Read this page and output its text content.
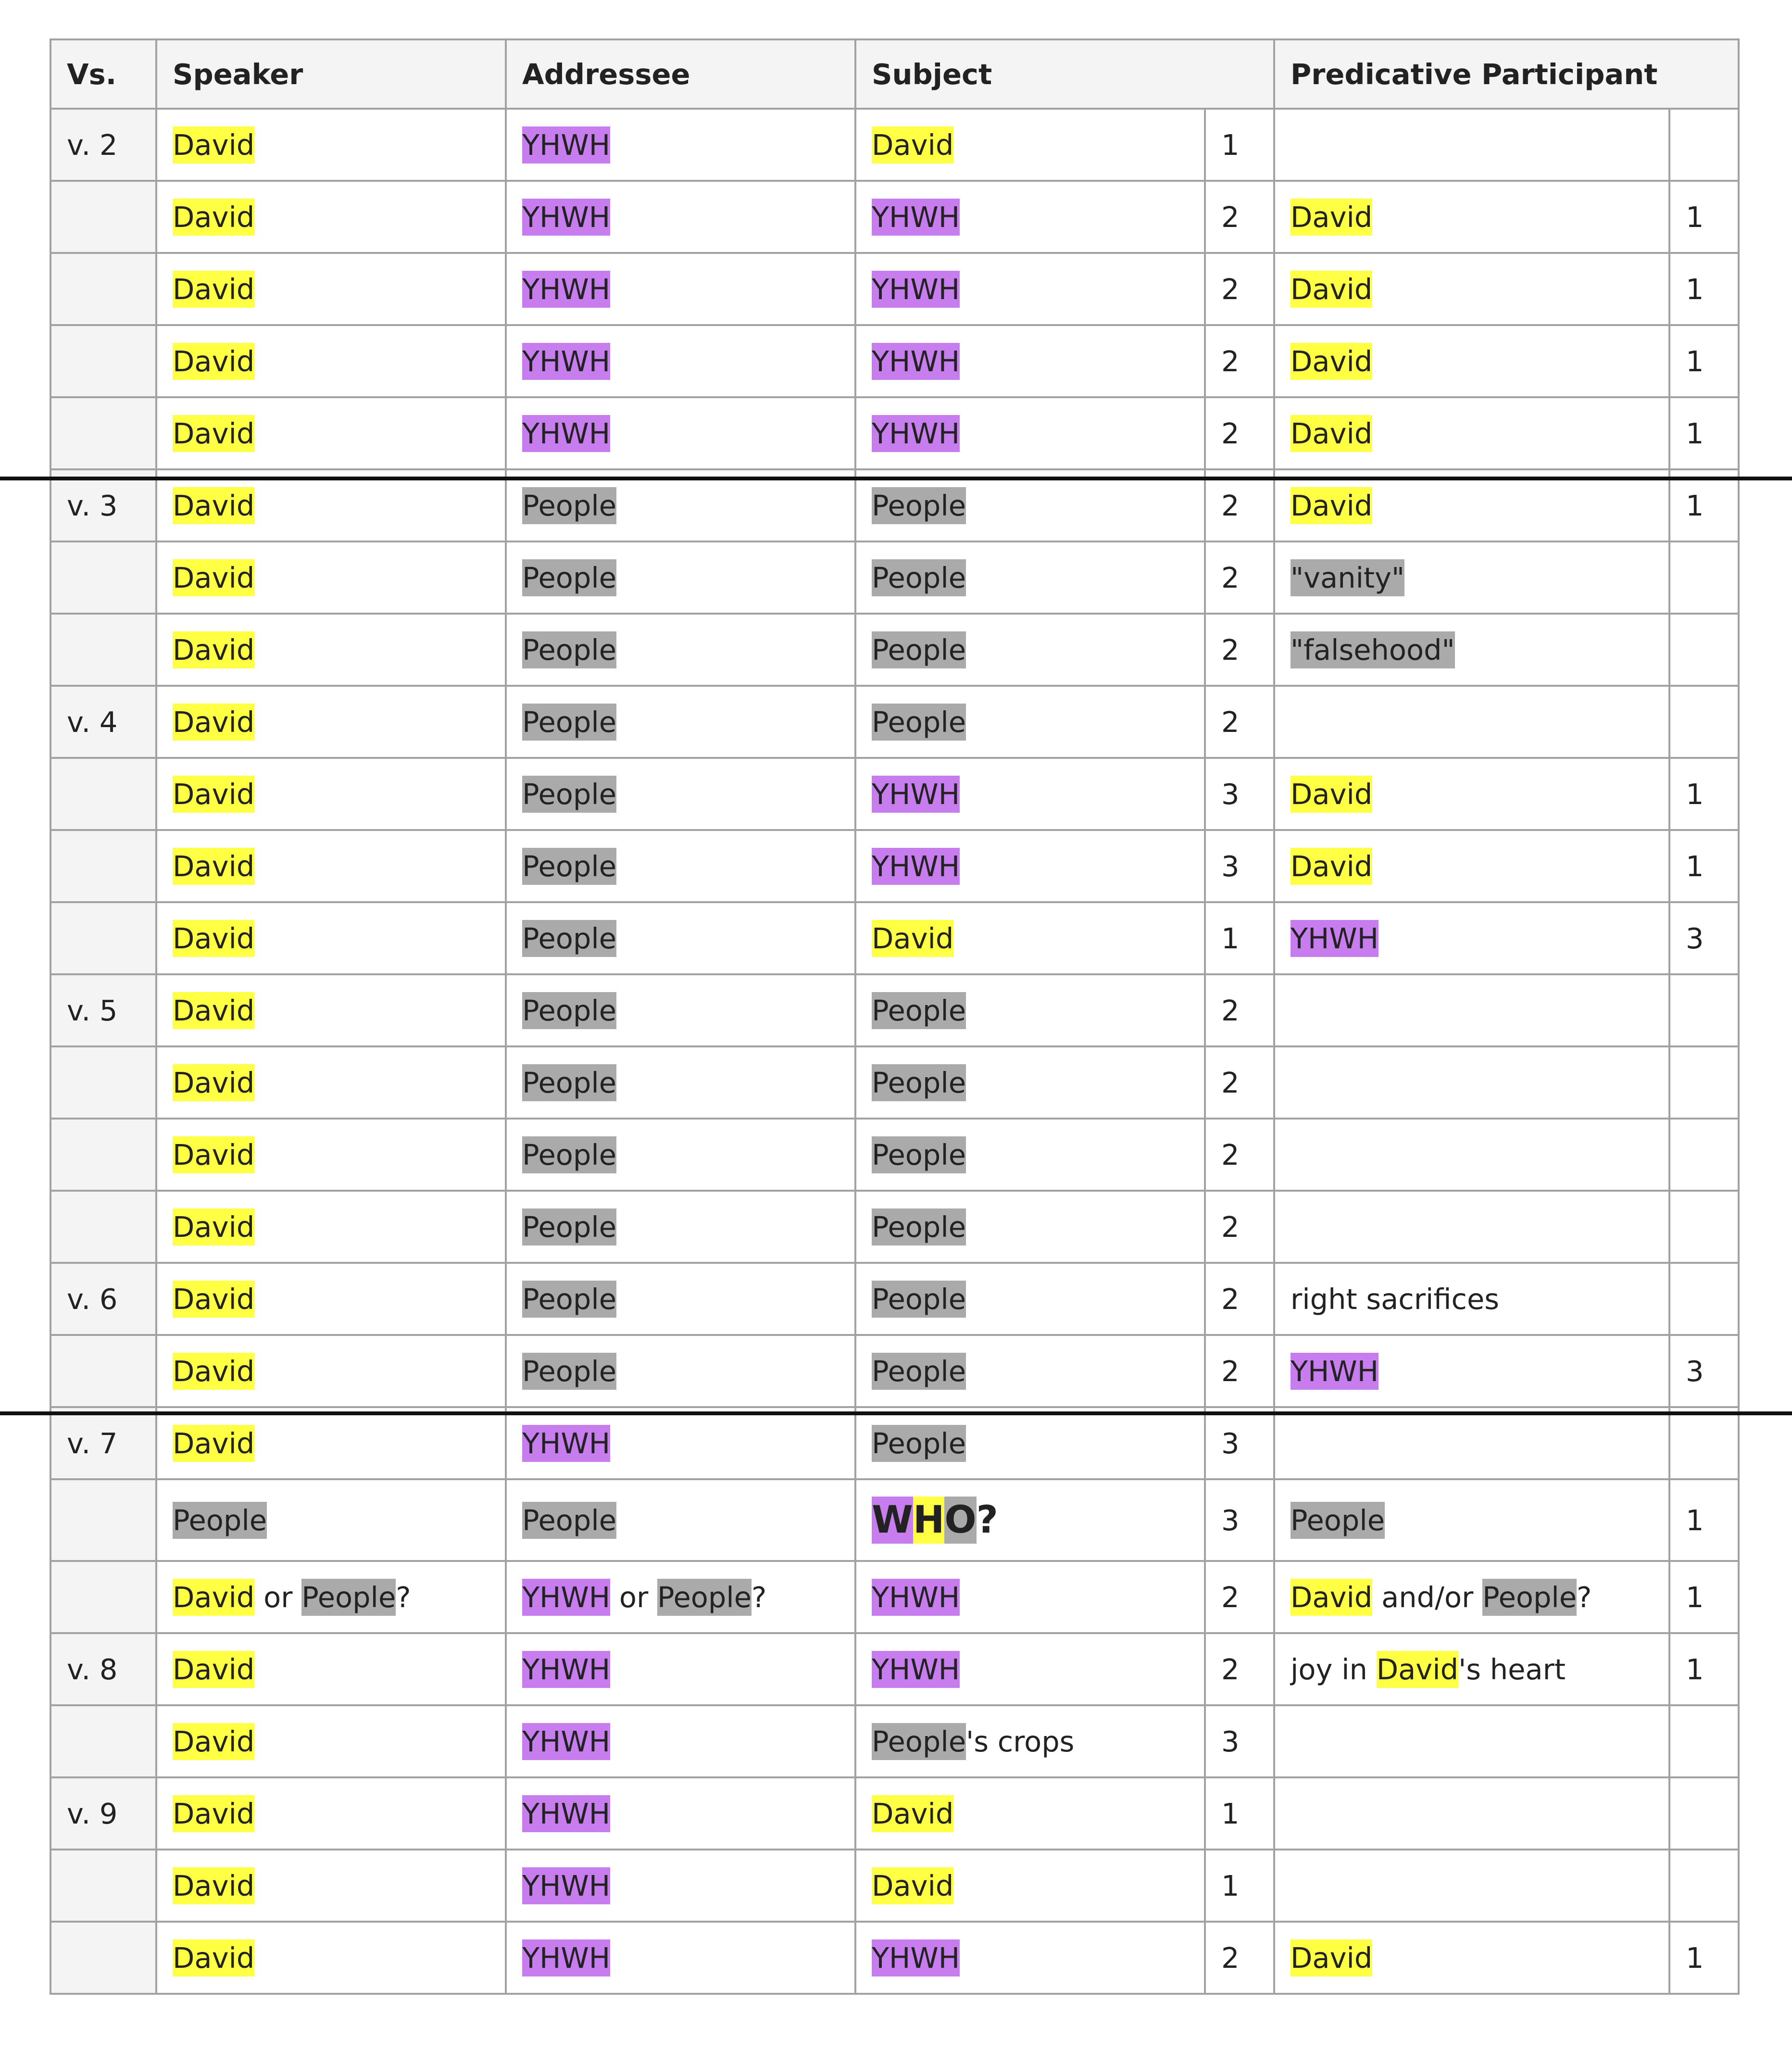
Vs.	Speaker	Addressee	Subject		Predicative Participant	
v. 2	David	YHWH	David	1		
	David	YHWH	YHWH	2	David	1
	David	YHWH	YHWH	2	David	1
	David	YHWH	YHWH	2	David	1
	David	YHWH	YHWH	2	David	1
v. 3	David	People	People	2	David	1
	David	People	People	2	"vanity"	
	David	People	People	2	"falsehood"	
v. 4	David	People	People	2		
	David	People	YHWH	3	David	1
	David	People	YHWH	3	David	1
	David	People	David	1	YHWH	3
v. 5	David	People	People	2		
	David	People	People	2		
	David	People	People	2		
	David	People	People	2		
v. 6	David	People	People	2	right sacrifices	
	David	People	People	2	YHWH	3
v. 7	David	YHWH	People	3		
	People	People	WHO?	3	People	1
	David or People?	YHWH or People?	YHWH	2	David and/or People?	1
v. 8	David	YHWH	YHWH	2	joy in David's heart	1
	David	YHWH	People's crops	3		
v. 9	David	YHWH	David	1		
	David	YHWH	David	1		
	David	YHWH	YHWH	2	David	1
